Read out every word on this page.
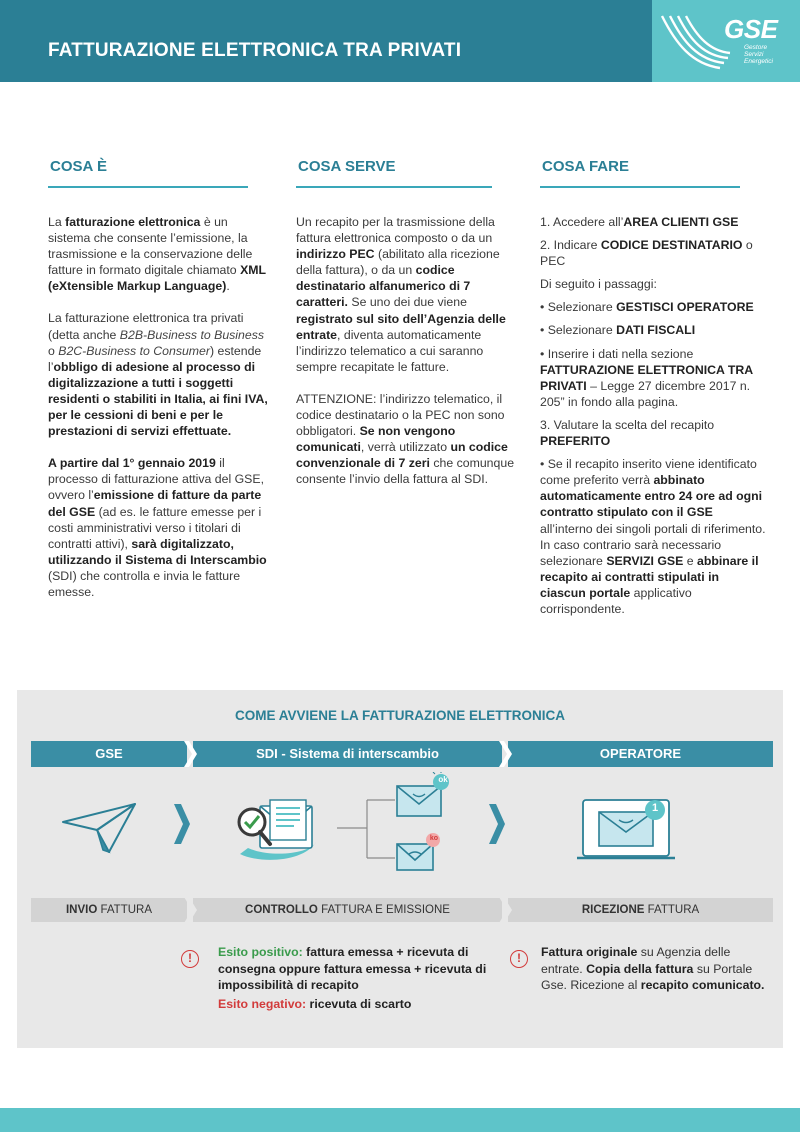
FATTURAZIONE ELETTRONICA TRA PRIVATI
GSE
Gestore
Servizi
Energetici
COSA È

La fatturazione elettronica è un sistema che consente l’emissione, la trasmissione e la conservazione delle fatture in formato digitale chiamato XML (eXtensible Markup Language).

La fatturazione elettronica tra privati (detta anche B2B-Business to Business o B2C-Business to Consumer) estende l’obbligo di adesione al processo di digitalizzazione a tutti i soggetti residenti o stabiliti in Italia, ai fini IVA, per le cessioni di beni e per le prestazioni di servizi effettuate.

A partire dal 1° gennaio 2019 il processo di fatturazione attiva del GSE, ovvero l’emissione di fatture da parte del GSE (ad es. le fatture emesse per i costi amministrativi verso i titolari di contratti attivi), sarà digitalizzato, utilizzando il Sistema di Interscambio (SDI) che controlla e invia le fatture emesse.

COSA SERVE

Un recapito per la trasmissione della fattura elettronica composto o da un indirizzo PEC (abilitato alla ricezione della fattura), o da un codice destinatario alfanumerico di 7 caratteri. Se uno dei due viene registrato sul sito dell’Agenzia delle entrate, diventa automaticamente l’indirizzo telematico a cui saranno sempre recapitate le fatture.

ATTENZIONE: l’indirizzo telematico, il codice destinatario o la PEC non sono obbligatori. Se non vengono comunicati, verrà utilizzato un codice convenzionale di 7 zeri che comunque consente l’invio della fattura al SDI.

COSA FARE

1. Accedere all’AREA CLIENTI GSE

2. Indicare CODICE DESTINATARIO o PEC

Di seguito i passaggi:

• Selezionare GESTISCI OPERATORE

• Selezionare DATI FISCALI

• Inserire i dati nella sezione FATTURAZIONE ELETTRONICA TRA PRIVATI – Legge 27 dicembre 2017 n. 205” in fondo alla pagina.

3. Valutare la scelta del recapito PREFERITO

• Se il recapito inserito viene identificato come preferito verrà abbinato automaticamente entro 24 ore ad ogni contratto stipulato con il GSE all’interno dei singoli portali di riferimento. In caso contrario sarà necessario selezionare SERVIZI GSE e abbinare il recapito ai contratti stipulati in ciascun portale applicativo corrispondente.

COME AVVIENE LA FATTURAZIONE ELETTRONICA
GSE	SDI - Sistema di interscambio	OPERATORE
ok
ko
1
INVIO FATTURA	CONTROLLO FATTURA E EMISSIONE	RICEZIONE FATTURA
!	Esito positivo: fattura emessa + ricevuta di consegna oppure fattura emessa + ricevuta di impossibilità di recapito
Esito negativo: ricevuta di scarto
!	Fattura originale su Agenzia delle entrate. Copia della fattura su Portale Gse. Ricezione al recapito comunicato.
